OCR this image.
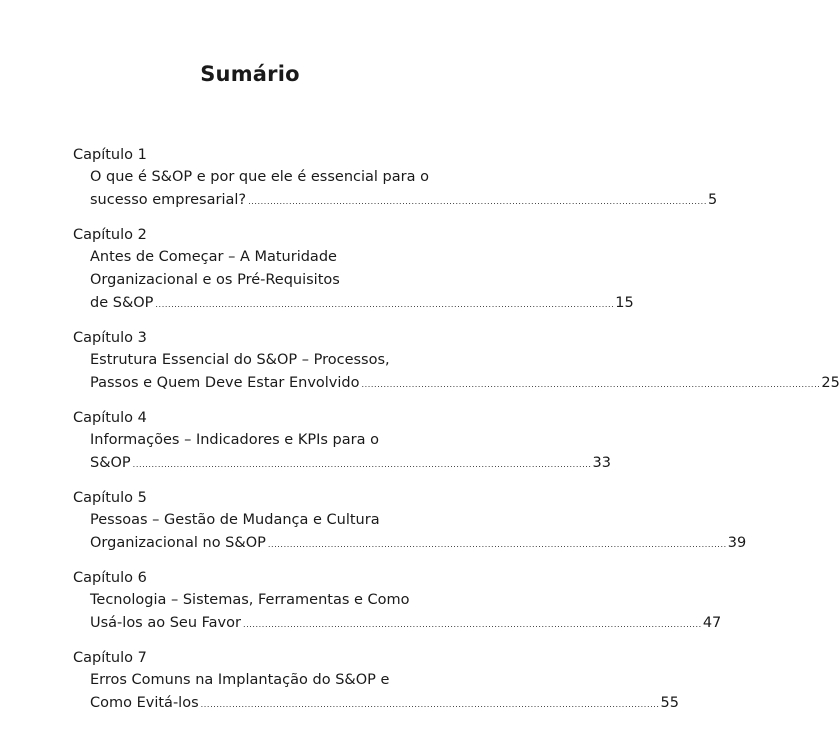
Sumário
Capítulo 1
O que é S&OP e por que ele é essencial para o
sucesso empresarial? .................................................................................................................................................. 5
Capítulo 2
Antes de Começar – A Maturidade
Organizacional e os Pré-Requisitos
de S&OP .................................................................................................................................................. 15
Capítulo 3
Estrutura Essencial do S&OP – Processos,
Passos e Quem Deve Estar Envolvido .................................................................................................................................................. 25
Capítulo 4
Informações – Indicadores e KPIs para o
S&OP .................................................................................................................................................. 33
Capítulo 5
Pessoas – Gestão de Mudança e Cultura
Organizacional no S&OP .................................................................................................................................................. 39
Capítulo 6
Tecnologia – Sistemas, Ferramentas e Como
Usá-los ao Seu Favor .................................................................................................................................................. 47
Capítulo 7
Erros Comuns na Implantação do S&OP e
Como Evitá-los .................................................................................................................................................. 55
